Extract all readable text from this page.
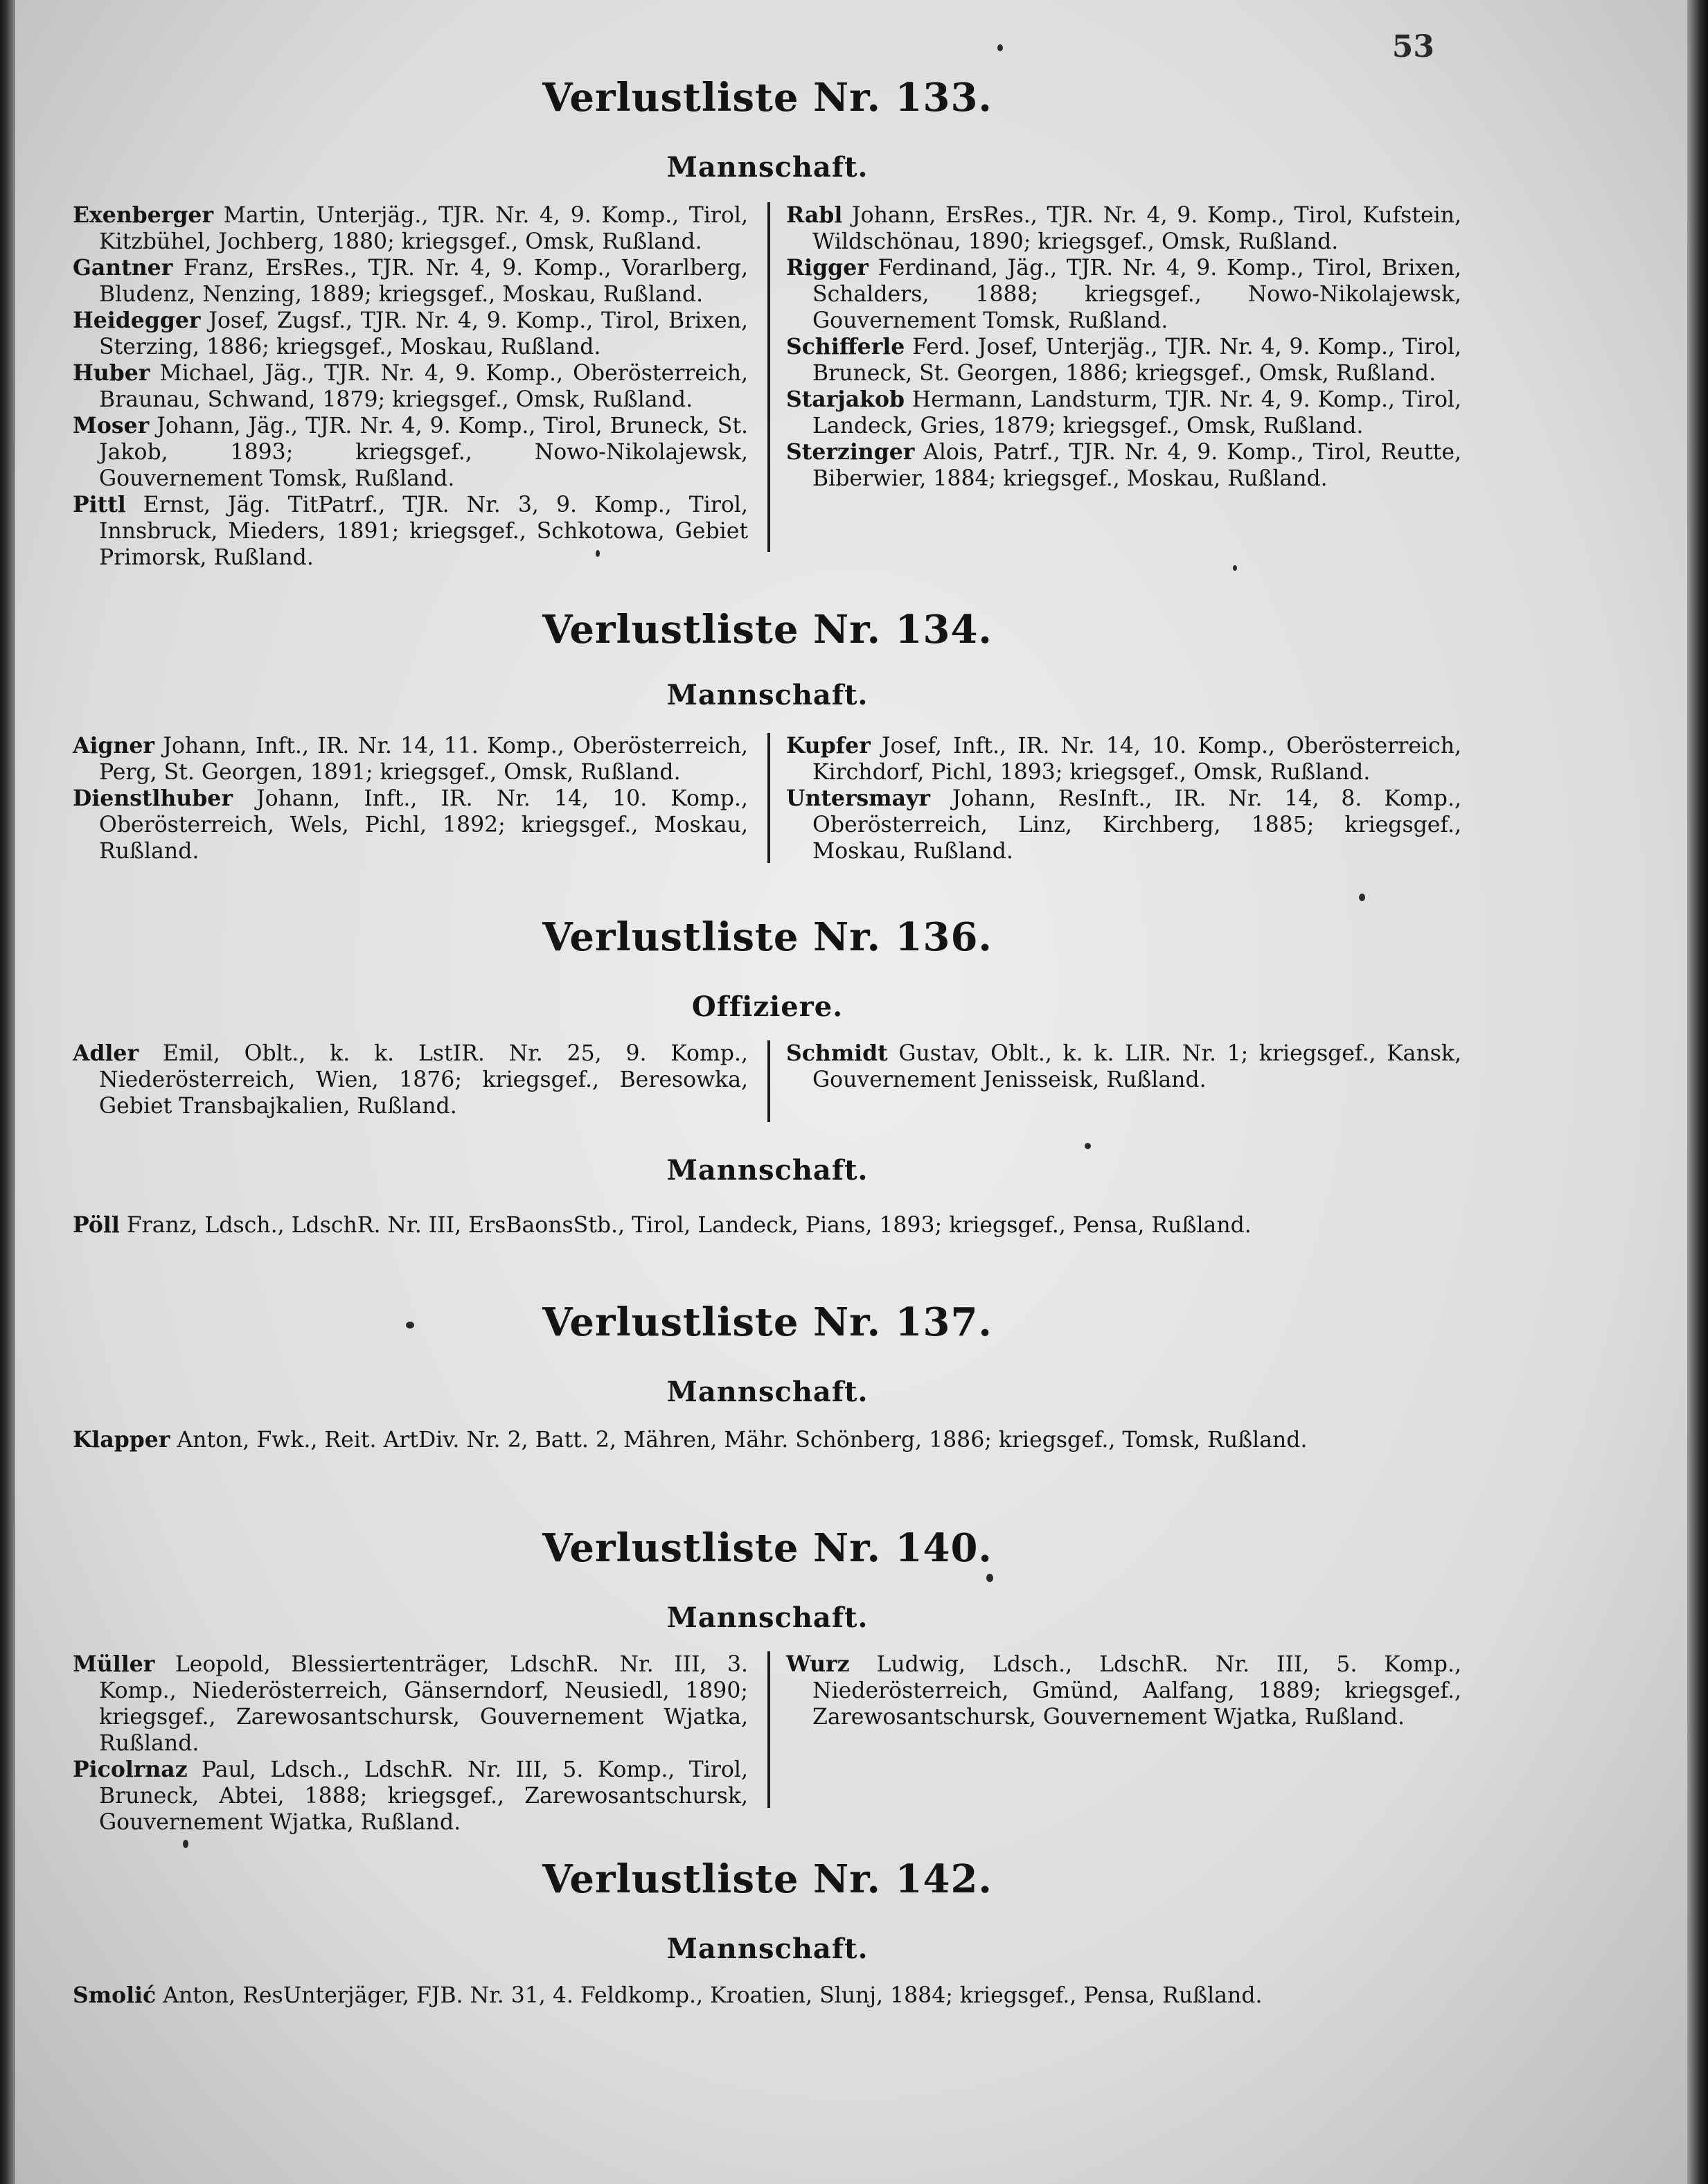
53
Verlustliste Nr. 133.
Mannschaft.

Exenberger Martin, Unterjäg., TJR. Nr. 4, 9. Komp., Tirol, Kitzbühel, Jochberg, 1880; kriegsgef., Omsk, Rußland.

Gantner Franz, ErsRes., TJR. Nr. 4, 9. Komp., Vorarlberg, Bludenz, Nenzing, 1889; kriegsgef., Moskau, Rußland.

Heidegger Josef, Zugsf., TJR. Nr. 4, 9. Komp., Tirol, Brixen, Sterzing, 1886; kriegsgef., Moskau, Rußland.

Huber Michael, Jäg., TJR. Nr. 4, 9. Komp., Oberösterreich, Braunau, Schwand, 1879; kriegsgef., Omsk, Rußland.

Moser Johann, Jäg., TJR. Nr. 4, 9. Komp., Tirol, Bruneck, St. Jakob, 1893; kriegsgef., Nowo-Nikolajewsk, Gouvernement Tomsk, Rußland.

Pittl Ernst, Jäg. TitPatrf., TJR. Nr. 3, 9. Komp., Tirol, Innsbruck, Mieders, 1891; kriegsgef., Schkotowa, Gebiet Primorsk, Rußland.

Rabl Johann, ErsRes., TJR. Nr. 4, 9. Komp., Tirol, Kufstein, Wildschönau, 1890; kriegsgef., Omsk, Rußland.

Rigger Ferdinand, Jäg., TJR. Nr. 4, 9. Komp., Tirol, Brixen, Schalders, 1888; kriegsgef., Nowo-Nikolajewsk, Gouvernement Tomsk, Rußland.

Schifferle Ferd. Josef, Unterjäg., TJR. Nr. 4, 9. Komp., Tirol, Bruneck, St. Georgen, 1886; kriegsgef., Omsk, Rußland.

Starjakob Hermann, Landsturm, TJR. Nr. 4, 9. Komp., Tirol, Landeck, Gries, 1879; kriegsgef., Omsk, Rußland.

Sterzinger Alois, Patrf., TJR. Nr. 4, 9. Komp., Tirol, Reutte, Biberwier, 1884; kriegsgef., Moskau, Rußland.

Verlustliste Nr. 134.
Mannschaft.

Aigner Johann, Inft., IR. Nr. 14, 11. Komp., Oberösterreich, Perg, St. Georgen, 1891; kriegsgef., Omsk, Rußland.

Dienstlhuber Johann, Inft., IR. Nr. 14, 10. Komp., Oberösterreich, Wels, Pichl, 1892; kriegsgef., Moskau, Rußland.

Kupfer Josef, Inft., IR. Nr. 14, 10. Komp., Oberösterreich, Kirchdorf, Pichl, 1893; kriegsgef., Omsk, Rußland.

Untersmayr Johann, ResInft., IR. Nr. 14, 8. Komp., Oberösterreich, Linz, Kirchberg, 1885; kriegsgef., Moskau, Rußland.

Verlustliste Nr. 136.
Offiziere.

Adler Emil, Oblt., k. k. LstIR. Nr. 25, 9. Komp., Niederösterreich, Wien, 1876; kriegsgef., Beresowka, Gebiet Transbajkalien, Rußland.

Schmidt Gustav, Oblt., k. k. LIR. Nr. 1; kriegsgef., Kansk, Gouvernement Jenisseisk, Rußland.

Mannschaft.
Pöll Franz, Ldsch., LdschR. Nr. III, ErsBaonsStb., Tirol, Landeck, Pians, 1893; kriegsgef., Pensa, Rußland.
Verlustliste Nr. 137.
Mannschaft.
Klapper Anton, Fwk., Reit. ArtDiv. Nr. 2, Batt. 2, Mähren, Mähr. Schönberg, 1886; kriegsgef., Tomsk, Rußland.
Verlustliste Nr. 140.
Mannschaft.

Müller Leopold, Blessiertenträger, LdschR. Nr. III, 3. Komp., Niederösterreich, Gänserndorf, Neusiedl, 1890; kriegsgef., Zarewosantschursk, Gouvernement Wjatka, Rußland.

Picolrnaz Paul, Ldsch., LdschR. Nr. III, 5. Komp., Tirol, Bruneck, Abtei, 1888; kriegsgef., Zarewosantschursk, Gouvernement Wjatka, Rußland.

Wurz Ludwig, Ldsch., LdschR. Nr. III, 5. Komp., Niederösterreich, Gmünd, Aalfang, 1889; kriegsgef., Zarewosantschursk, Gouvernement Wjatka, Rußland.

Verlustliste Nr. 142.
Mannschaft.
Smolić Anton, ResUnterjäger, FJB. Nr. 31, 4. Feldkomp., Kroatien, Slunj, 1884; kriegsgef., Pensa, Rußland.
